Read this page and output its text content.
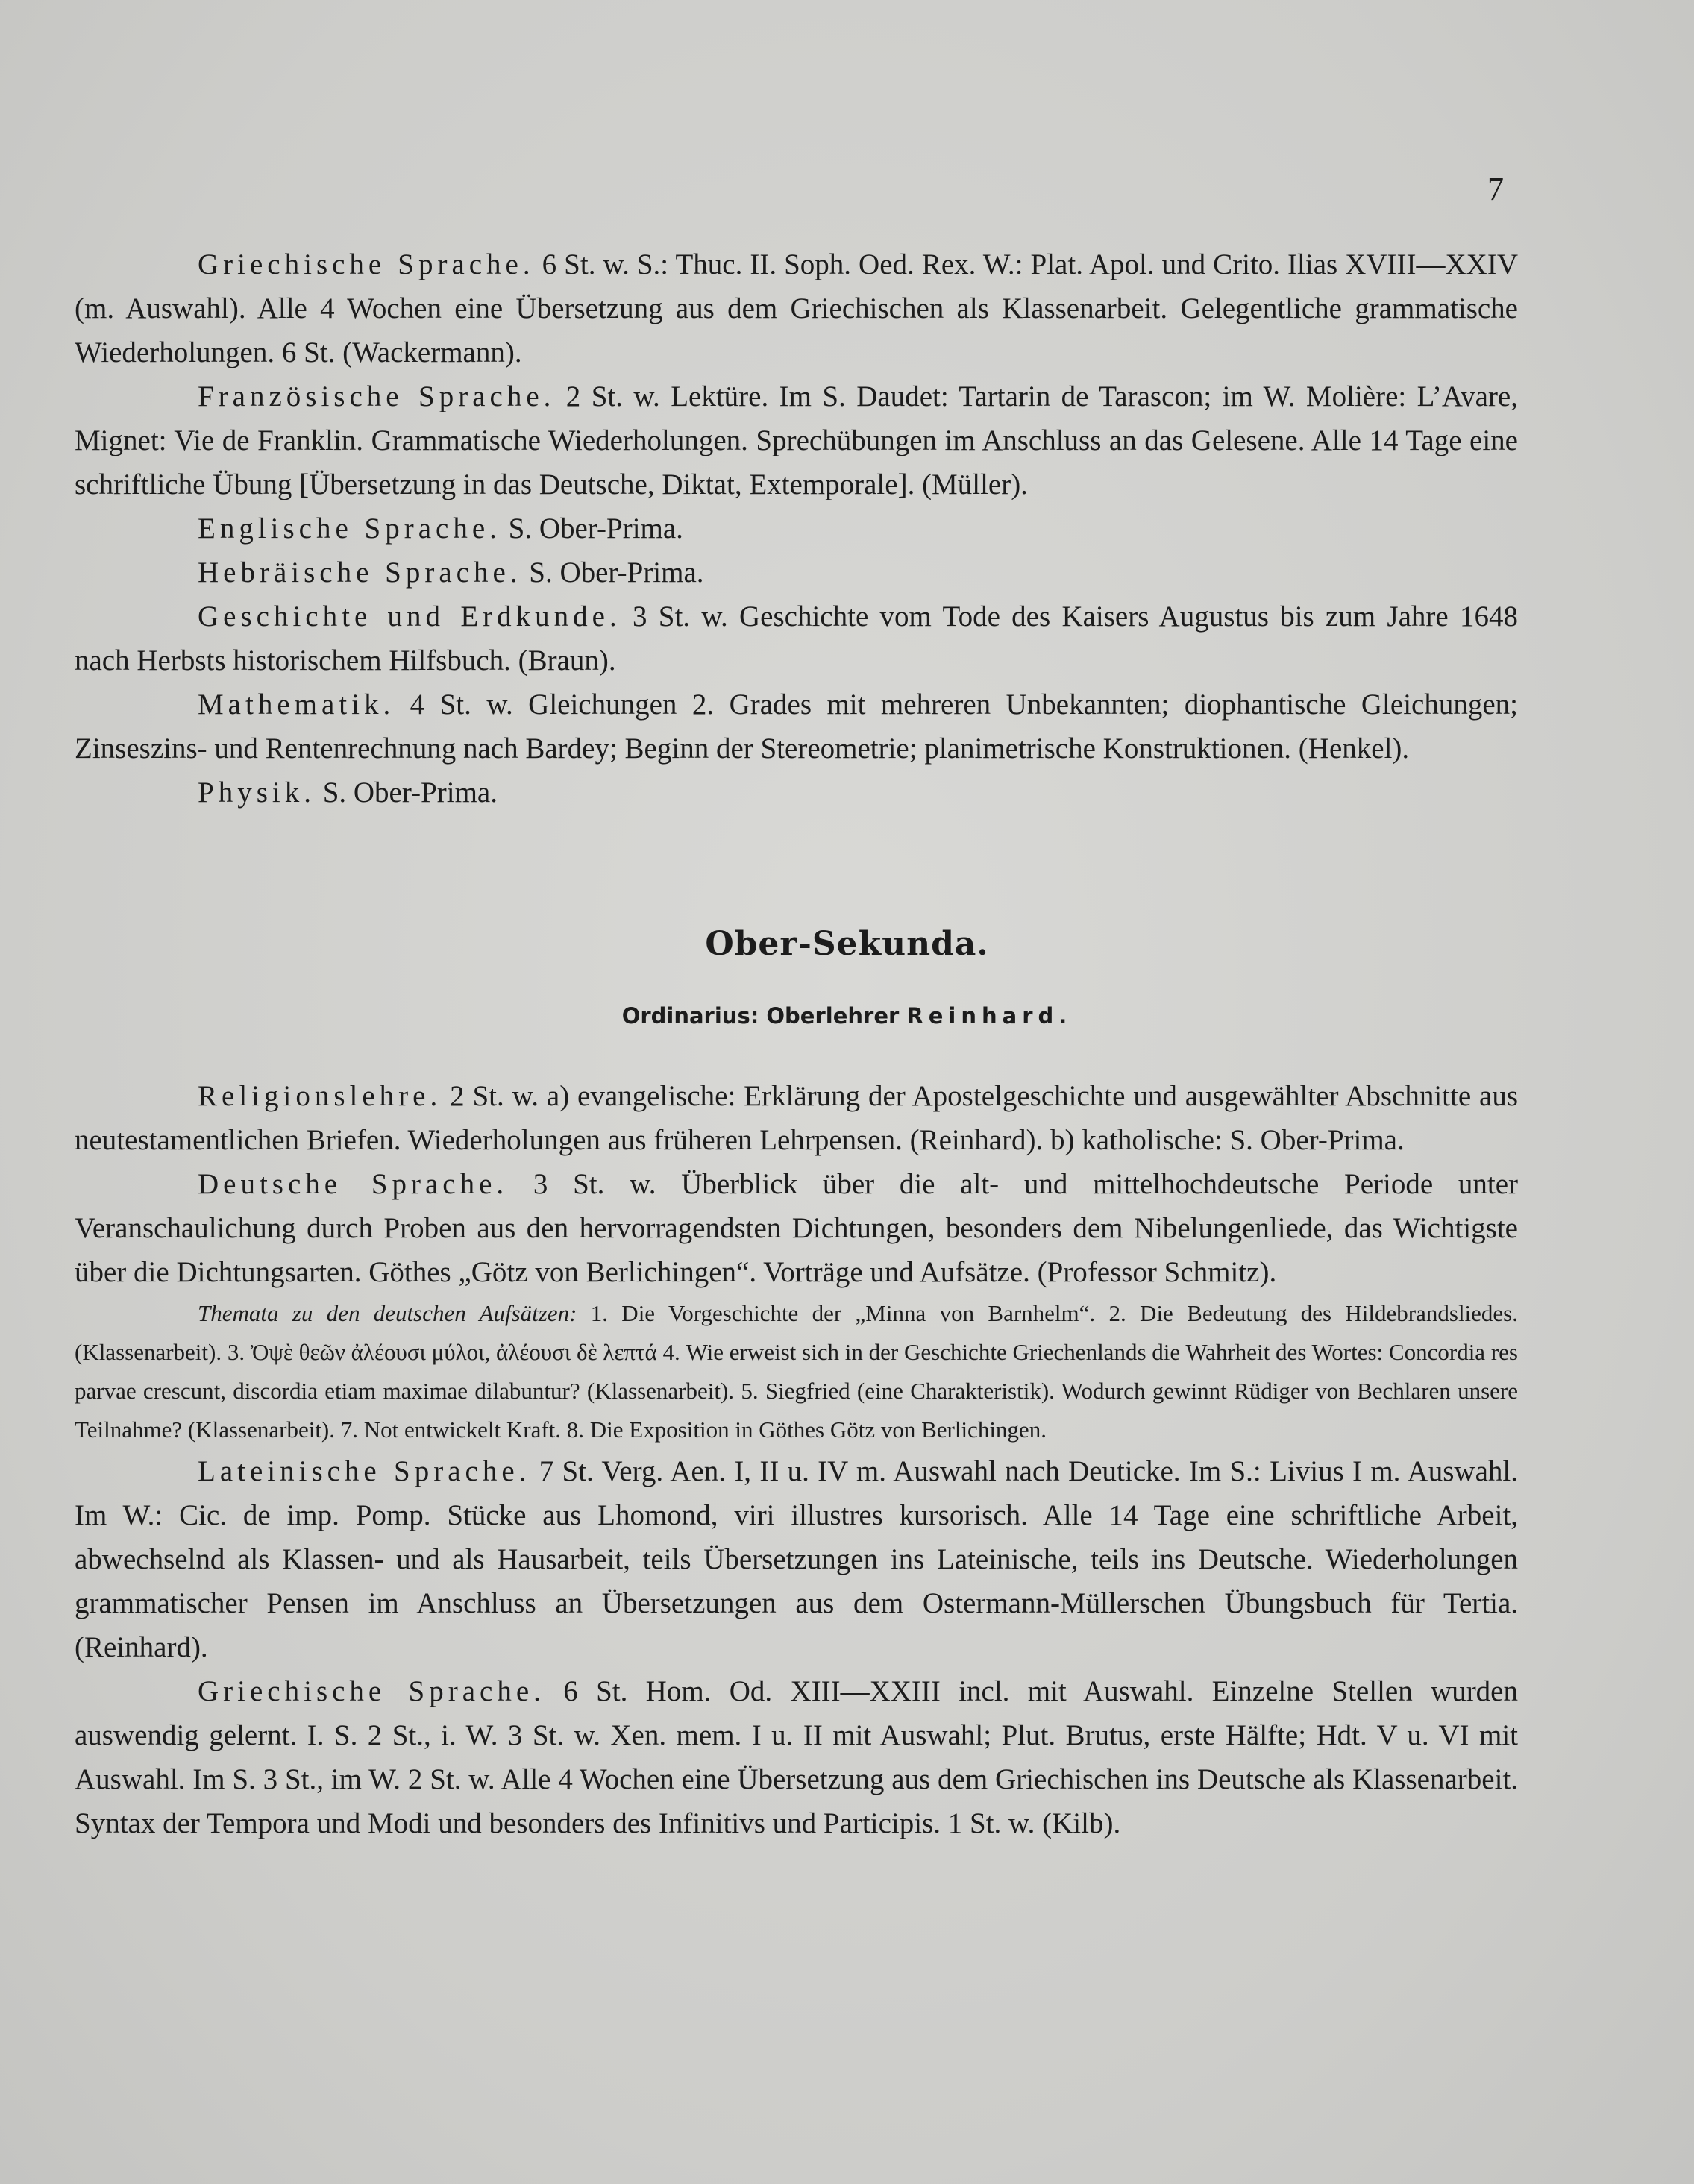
7

Griechische Sprache. 6 St. w. S.: Thuc. II. Soph. Oed. Rex. W.: Plat. Apol. und Crito. Ilias XVIII—XXIV (m. Auswahl). Alle 4 Wochen eine Übersetzung aus dem Griechischen als Klassenarbeit. Gelegentliche grammatische Wiederholungen. 6 St. (Wackermann).

Französische Sprache. 2 St. w. Lektüre. Im S. Daudet: Tartarin de Tarascon; im W. Molière: L’Avare, Mignet: Vie de Franklin. Grammatische Wiederholungen. Sprechübungen im Anschluss an das Gelesene. Alle 14 Tage eine schriftliche Übung [Übersetzung in das Deutsche, Diktat, Extemporale]. (Müller).

Englische Sprache. S. Ober-Prima.

Hebräische Sprache. S. Ober-Prima.

Geschichte und Erdkunde. 3 St. w. Geschichte vom Tode des Kaisers Augustus bis zum Jahre 1648 nach Herbsts historischem Hilfsbuch. (Braun).

Mathematik. 4 St. w. Gleichungen 2. Grades mit mehreren Unbekannten; diophantische Gleichungen; Zinseszins- und Rentenrechnung nach Bardey; Beginn der Stereometrie; planimetrische Konstruktionen. (Henkel).

Physik. S. Ober-Prima.

Ober-Sekunda.
Ordinarius: Oberlehrer Reinhard.

Religionslehre. 2 St. w. a) evangelische: Erklärung der Apostelgeschichte und ausgewählter Abschnitte aus neutestamentlichen Briefen. Wiederholungen aus früheren Lehrpensen. (Reinhard). b) katholische: S. Ober-Prima.

Deutsche Sprache. 3 St. w. Überblick über die alt- und mittelhochdeutsche Periode unter Veranschaulichung durch Proben aus den hervorragendsten Dichtungen, besonders dem Nibelungenliede, das Wichtigste über die Dichtungsarten. Göthes „Götz von Berlichingen“. Vorträge und Aufsätze. (Professor Schmitz).

Themata zu den deutschen Aufsätzen: 1. Die Vorgeschichte der „Minna von Barnhelm“. 2. Die Bedeutung des Hildebrandsliedes. (Klassenarbeit). 3. Ὀψὲ θεῶν ἀλέουσι μύλοι, ἀλέουσι δὲ λεπτά 4. Wie erweist sich in der Geschichte Griechenlands die Wahrheit des Wortes: Concordia res parvae crescunt, discordia etiam maximae dilabuntur? (Klassenarbeit). 5. Siegfried (eine Charakteristik). Wodurch gewinnt Rüdiger von Bechlaren unsere Teilnahme? (Klassenarbeit). 7. Not entwickelt Kraft. 8. Die Exposition in Göthes Götz von Berlichingen.

Lateinische Sprache. 7 St. Verg. Aen. I, II u. IV m. Auswahl nach Deuticke. Im S.: Livius I m. Auswahl. Im W.: Cic. de imp. Pomp. Stücke aus Lhomond, viri illustres kursorisch. Alle 14 Tage eine schriftliche Arbeit, abwechselnd als Klassen- und als Hausarbeit, teils Übersetzungen ins Lateinische, teils ins Deutsche. Wiederholungen grammatischer Pensen im Anschluss an Übersetzungen aus dem Ostermann-Müllerschen Übungsbuch für Tertia. (Reinhard).

Griechische Sprache. 6 St. Hom. Od. XIII—XXIII incl. mit Auswahl. Einzelne Stellen wurden auswendig gelernt. I. S. 2 St., i. W. 3 St. w. Xen. mem. I u. II mit Auswahl; Plut. Brutus, erste Hälfte; Hdt. V u. VI mit Auswahl. Im S. 3 St., im W. 2 St. w. Alle 4 Wochen eine Übersetzung aus dem Griechischen ins Deutsche als Klassenarbeit. Syntax der Tempora und Modi und besonders des Infinitivs und Participis. 1 St. w. (Kilb).
